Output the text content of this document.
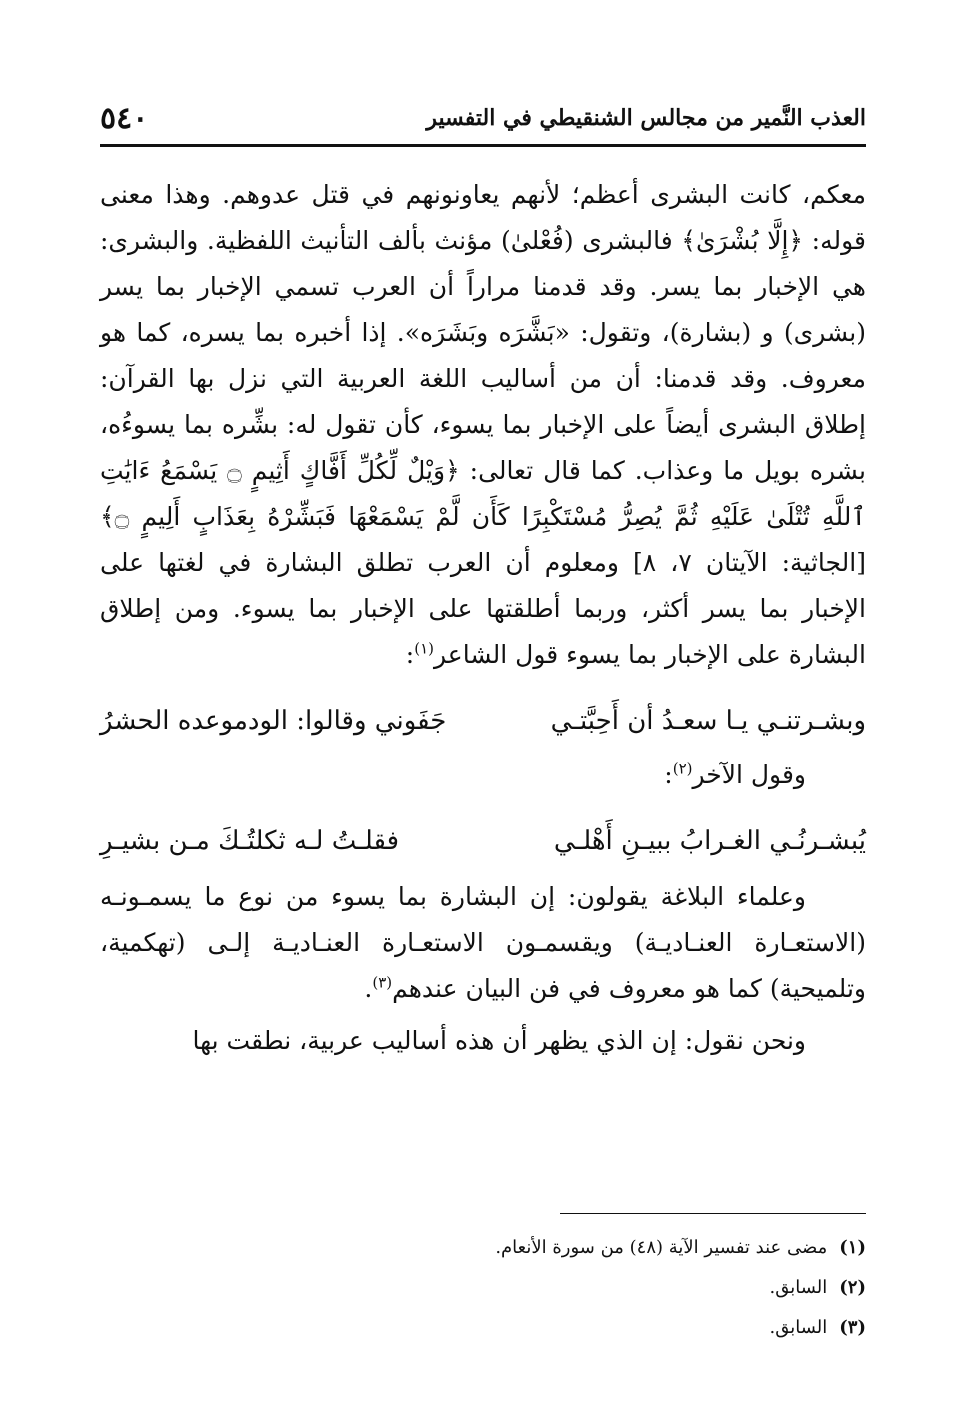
العذب النَّمير من مجالس الشنقيطي في التفسير
٥٤٠

معكم، كانت البشرى أعظم؛ لأنهم يعاونونهم في قتل عدوهم. وهذا معنى قوله: ﴿إِلَّا بُشْرَىٰ﴾ فالبشرى (فُعْلىٰ) مؤنث بألف التأنيث اللفظية. والبشرى: هي الإخبار بما يسر. وقد قدمنا مراراً أن العرب تسمي الإخبار بما يسر (بشرى) و (بشارة)، وتقول: «بَشَّرَه وبَشَرَه». إذا أخبره بما يسره، كما هو معروف. وقد قدمنا: أن من أساليب اللغة العربية التي نزل بها القرآن: إطلاق البشرى أيضاً على الإخبار بما يسوء، كأن تقول له: بشِّره بما يسوءُه، بشره بويل ما وعذاب. كما قال تعالى: ﴿وَيْلٌ لِّكُلِّ أَفَّاكٍ أَثِيمٍ ۝ يَسْمَعُ ءَايَٰتِ ٱللَّهِ تُتْلَىٰ عَلَيْهِ ثُمَّ يُصِرُّ مُسْتَكْبِرًا كَأَن لَّمْ يَسْمَعْهَا فَبَشِّرْهُ بِعَذَابٍ أَلِيمٍ ۝﴾ [الجاثية: الآيتان ٧، ٨] ومعلوم أن العرب تطلق البشارة في لغتها على الإخبار بما يسر أكثر، وربما أطلقتها على الإخبار بما يسوء. ومن إطلاق البشارة على الإخبار بما يسوء قول الشاعر$^{(١)}$:

وبشـرتنـي يـا سعـدُ أن أَحِبَّتـي
جَفَوني وقالوا: الودموعده الحشرُ

وقول الآخر$^{(٢)}$:

يُبشـرنُـي الغـرابُ ببيـنِ أَهْلـي
فقلـتُ لـه ثكلتُـكَ مـن بشيـرِ

وعلماء البلاغة يقولون: إن البشارة بما يسوء من نوع ما يسمـونـه (الاستعـارة العنـاديـة) ويقسمـون الاستعـارة العنـاديـة إلـى (تهكمية، وتلميحية) كما هو معروف في فن البيان عندهم$^{(٣)}$.

ونحن نقول: إن الذي يظهر أن هذه أساليب عربية، نطقت بها

(١)
مضى عند تفسير الآية (٤٨) من سورة الأنعام.
(٢)
السابق.
(٣)
السابق.
